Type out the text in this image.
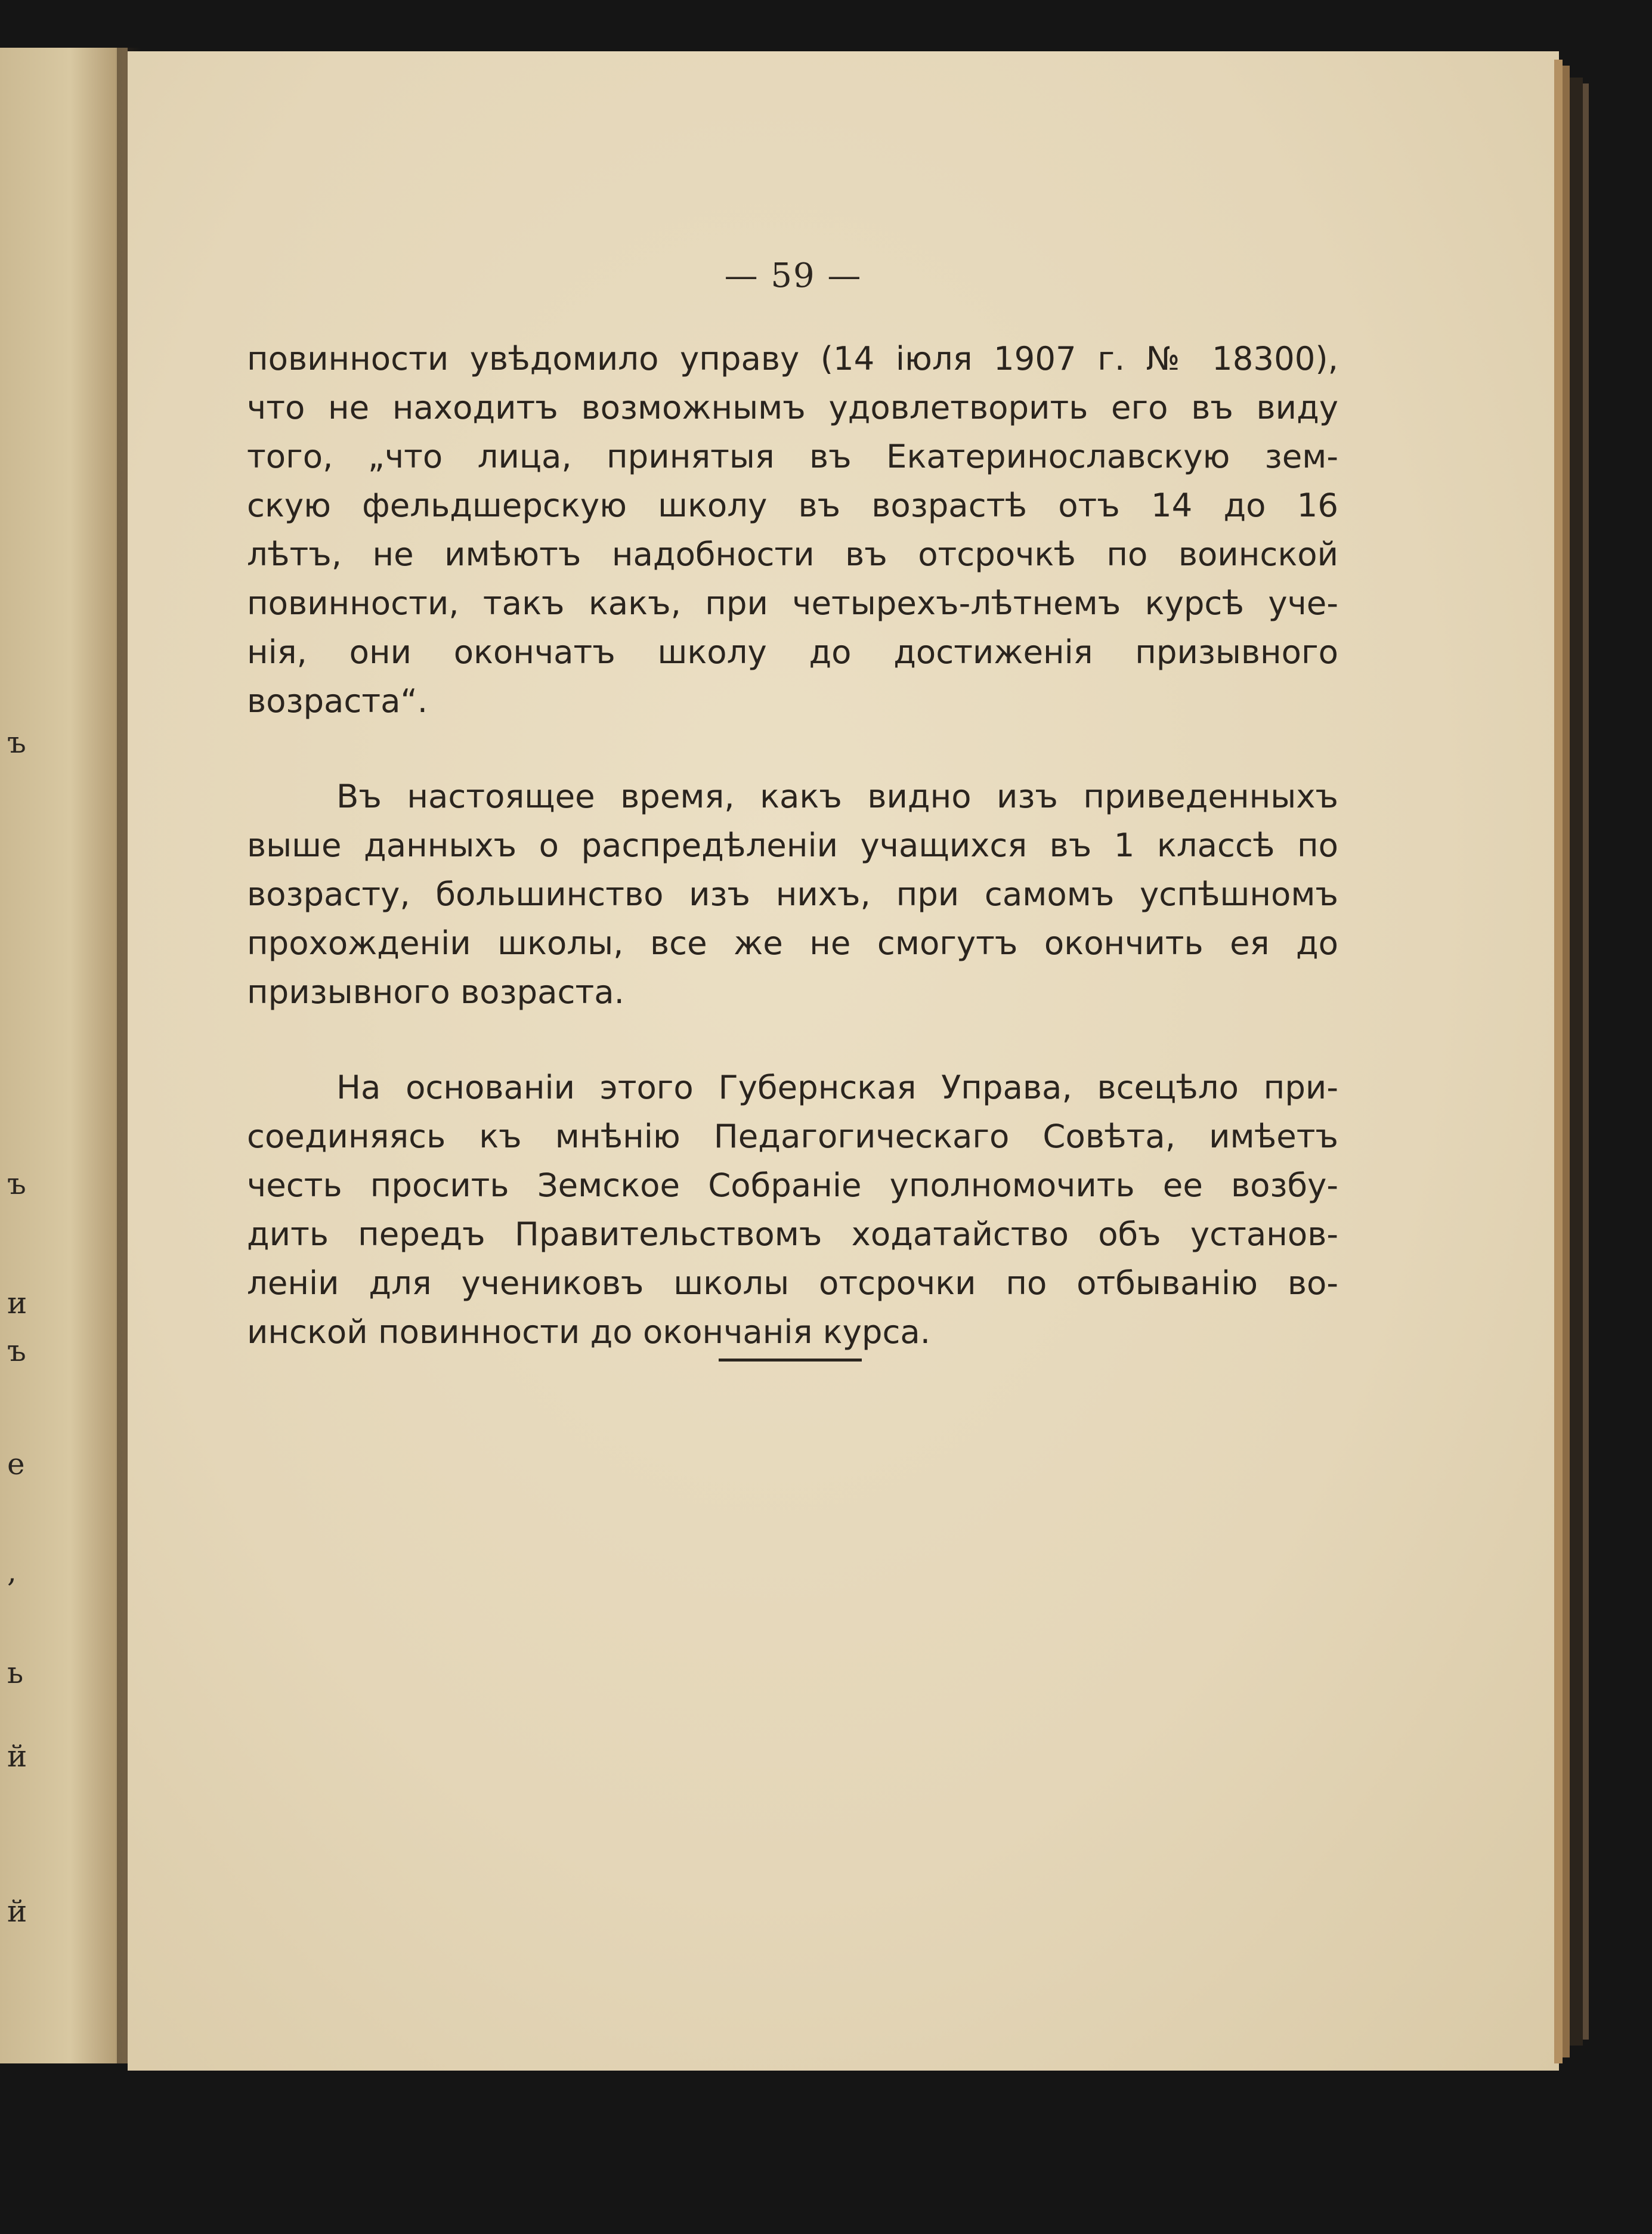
ъ
ъ
и
ъ
е
,
ь
й
й
— 59 —
повинности увѣдомило управу (14 іюля 1907 г. № 18300),
что не находитъ возможнымъ удовлетворить его въ виду
того, „что лица, принятыя въ Екатеринославскую зем-
скую фельдшерскую школу въ возрастѣ отъ 14 до 16
лѣтъ, не имѣютъ надобности въ отсрочкѣ по воинской
повинности, такъ какъ, при четырехъ-лѣтнемъ курсѣ уче-
нія, они окончатъ школу до достиженія призывного
возраста“.
Въ настоящее время, какъ видно изъ приведенныхъ
выше данныхъ о распредѣленіи учащихся въ 1 классѣ по
возрасту, большинство изъ нихъ, при самомъ успѣшномъ
прохожденіи школы, все же не смогутъ окончить ея до
призывного возраста.
На основаніи этого Губернская Управа, всецѣло при-
соединяясь къ мнѣнію Педагогическаго Совѣта, имѣетъ
честь просить Земское Собраніе уполномочить ее возбу-
дить передъ Правительствомъ ходатайство объ установ-
леніи для учениковъ школы отсрочки по отбыванію во-
инской повинности до окончанія курса.
